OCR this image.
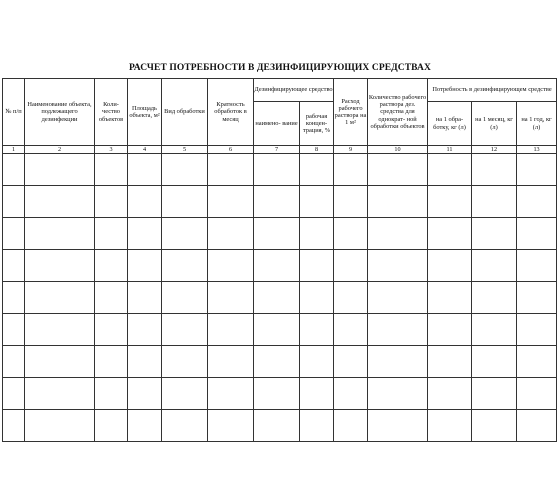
РАСЧЕТ ПОТРЕБНОСТИ В ДЕЗИНФИЦИРУЮЩИХ СРЕДСТВАХ
№ п/п	Наименование объекта, подлежащего дезинфекции	Коли- чество объектов	Площадь объекта, м²	Вид обработки	Кратность обработок в месяц	Дезинфицирующее средство		Расход рабочего раствора на 1 м²	Количество рабочего раствора дез. средства для однократ- ной обработки объектов	Потребность в дезинфицирующем средстве		
						наимено- вание	рабочая концен- трация, %			на 1 обра- ботку, кг (л)	на 1 месяц, кг (л)	на 1 год, кг (л)
1	2	3	4	5	6	7	8	9	10	11	12	13
